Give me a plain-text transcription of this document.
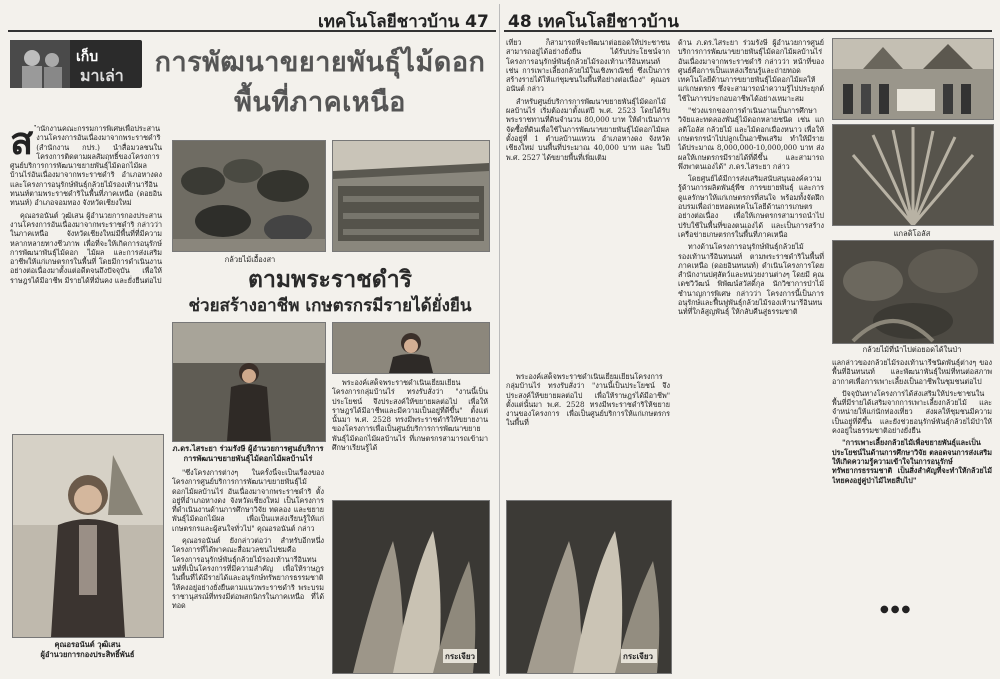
เทคโนโลยีชาวบ้าน 47 48 เทคโนโลยีชาวบ้าน
เก็บ
มาเล่า การพัฒนาขยายพันธุ์ไม้ดอก
พื้นที่ภาคเหนือ

สำนักงานคณะกรรมการพิเศษเพื่อประสานงานโครงการอันเนื่องมาจากพระราชดำริ (สำนักงาน กปร.) นำสื่อมวลชนในโครงการติดตามผลสัมฤทธิ์ของโครงการศูนย์บริการการพัฒนาขยายพันธุ์ไม้ดอกไม้ผลบ้านไร่อันเนื่องมาจากพระราชดำริ อำเภอหางดง และโครงการอนุรักษ์พันธุ์กล้วยไม้รองเท้านารีอินทนนท์ตามพระราชดำริในพื้นที่ภาคเหนือ (ดอยอินทนนท์) อำเภอจอมทอง จังหวัดเชียงใหม่

คุณอรอนันต์ วุฒิเสน ผู้อำนวยการกองประสานงานโครงการอันเนื่องมาจากพระราชดำริ กล่าวว่า ในภาคเหนือ จังหวัดเชียงใหม่มีพื้นที่ที่มีความหลากหลายทางชีวภาพ เพื่อที่จะให้เกิดการอนุรักษ์ การพัฒนาพันธุ์ไม้ดอก ไม้ผล และการส่งเสริมอาชีพให้แก่เกษตรกรในพื้นที่ โดยมีการดำเนินงานอย่างต่อเนื่องมาตั้งแต่อดีตจนถึงปัจจุบัน เพื่อให้ราษฎรได้มีอาชีพ มีรายได้ที่มั่นคง และยั่งยืนต่อไป

คุณอรอนันต์ วุฒิเสน
ผู้อำนวยการกองประสิทธิ์พันธ์
กล้วยไม้เอื้องสา
ตามพระราชดำริ
ช่วยสร้างอาชีพ เกษตรกรมีรายได้ยั่งยืน
ภ.ดร.ไสระยา ร่วมรังษี ผู้อำนวยการศูนย์บริการ
การพัฒนาขยายพันธุ์ไม้ดอกไม้ผลบ้านไร่

"ซึ่งโครงการต่างๆ ในครั้งนี้จะเป็นเรื่องของโครงการศูนย์บริการการพัฒนาขยายพันธุ์ไม้ดอกไม้ผลบ้านไร่ อันเนื่องมาจากพระราชดำริ ตั้งอยู่ที่อำเภอหางดง จังหวัดเชียงใหม่ เป็นโครงการที่ดำเนินงานด้านการศึกษาวิจัย ทดลอง และขยายพันธุ์ไม้ดอกไม้ผล เพื่อเป็นแหล่งเรียนรู้ให้แก่เกษตรกรและผู้สนใจทั่วไป" คุณอรอนันต์ กล่าว

คุณอรอนันต์ ยังกล่าวต่อว่า สำหรับอีกหนึ่งโครงการที่ได้พาคณะสื่อมวลชนไปชมคือ โครงการอนุรักษ์พันธุ์กล้วยไม้รองเท้านารีอินทนนท์ที่เป็นโครงการที่มีความสำคัญ เพื่อให้ราษฎรในพื้นที่ได้มีรายได้และอนุรักษ์ทรัพยากรธรรมชาติให้คงอยู่อย่างยั่งยืนตามแนวพระราชดำริ พระบรมราชานุสรณ์ที่ทรงมีต่อพสกนิกรในภาคเหนือ ที่ได้ทอด

พระองค์เสด็จพระราชดำเนินเยี่ยมเยียนโครงการกลุ่มบ้านไร่ ทรงรับสั่งว่า "งานนี้เป็นประโยชน์ จึงประสงค์ให้ขยายผลต่อไป เพื่อให้ราษฎรได้มีอาชีพและมีความเป็นอยู่ที่ดีขึ้น" ตั้งแต่นั้นมา พ.ศ. 2528 ทรงมีพระราชดำริให้ขยายงานของโครงการเพื่อเป็นศูนย์บริการการพัฒนาขยายพันธุ์ไม้ดอกไม้ผลบ้านไร่ ที่เกษตรกรสามารถเข้ามาศึกษาเรียนรู้ได้

กระเจียว

เที่ยว ก็สามารถที่จะพัฒนาต่อยอดให้ประชาชนสามารถอยู่ได้อย่างยั่งยืน ได้รับประโยชน์จากโครงการอนุรักษ์พันธุ์กล้วยไม้รองเท้านารีอินทนนท์ เช่น การเพาะเลี้ยงกล้วยไม้ในเชิงพาณิชย์ ซึ่งเป็นการสร้างรายได้ให้แก่ชุมชนในพื้นที่อย่างต่อเนื่อง" คุณอรอนันต์ กล่าว

สำหรับศูนย์บริการการพัฒนาขยายพันธุ์ไม้ดอกไม้ผลบ้านไร่ เริ่มต้องมาตั้งแต่ปี พ.ศ. 2523 โดยได้รับพระราชทานที่ดินจำนวน 80,000 บาท ให้ดำเนินการจัดซื้อที่ดินเพื่อใช้ในการพัฒนาขยายพันธุ์ไม้ดอกไม้ผล ตั้งอยู่ที่ 1 ตำบลบ้านแหวน อำเภอหางดง จังหวัดเชียงใหม่ บนพื้นที่ประมาณ 40,000 บาท และ ในปี พ.ศ. 2527 ได้ขยายพื้นที่เพิ่มเติม

พระองค์เสด็จพระราชดำเนินเยี่ยมเยียนโครงการกลุ่มบ้านไร่ ทรงรับสั่งว่า "งานนี้เป็นประโยชน์ จึงประสงค์ให้ขยายผลต่อไป เพื่อให้ราษฎรได้มีอาชีพ" ตั้งแต่นั้นมา พ.ศ. 2528 ทรงมีพระราชดำริให้ขยายงานของโครงการ เพื่อเป็นศูนย์บริการให้แก่เกษตรกรในพื้นที่

กระเจียว

ด้าน ภ.ดร.ไสระยา ร่วมรังษี ผู้อำนวยการศูนย์บริการการพัฒนาขยายพันธุ์ไม้ดอกไม้ผลบ้านไร่ อันเนื่องมาจากพระราชดำริ กล่าวว่า หน้าที่ของศูนย์คือการเป็นแหล่งเรียนรู้และถ่ายทอดเทคโนโลยีด้านการขยายพันธุ์ไม้ดอกไม้ผลให้แก่เกษตรกร ซึ่งจะสามารถนำความรู้ไปประยุกต์ใช้ในการประกอบอาชีพได้อย่างเหมาะสม

"ช่วงแรกของการดำเนินงานเป็นการศึกษาวิจัยและทดลองพันธุ์ไม้ดอกหลายชนิด เช่น แกลดิโอลัส กล้วยไม้ และไม้ดอกเมืองหนาว เพื่อให้เกษตรกรนำไปปลูกเป็นอาชีพเสริม ทำให้มีรายได้ประมาณ 8,000,000-10,000,000 บาท ส่งผลให้เกษตรกรมีรายได้ที่ดีขึ้น และสามารถพึ่งพาตนเองได้" ภ.ดร.ไสระยา กล่าว

โดยศูนย์ได้มีการส่งเสริมสนับสนุนองค์ความรู้ด้านการผลิตพันธุ์พืช การขยายพันธุ์ และการดูแลรักษาให้แก่เกษตรกรที่สนใจ พร้อมทั้งจัดฝึกอบรมเพื่อถ่ายทอดเทคโนโลยีด้านการเกษตรอย่างต่อเนื่อง เพื่อให้เกษตรกรสามารถนำไปปรับใช้ในพื้นที่ของตนเองได้ และเป็นการสร้างเครือข่ายเกษตรกรในพื้นที่ภาคเหนือ

ทางด้านโครงการอนุรักษ์พันธุ์กล้วยไม้รองเท้านารีอินทนนท์ ตามพระราชดำริในพื้นที่ภาคเหนือ (ดอยอินทนนท์) ดำเนินโครงการโดยสำนักงานปศุสัตว์และหน่วยงานต่างๆ โดยมี คุณเดชวิวัฒน์ พิพัฒน์สวัสดิ์กุล นักวิชาการป่าไม้ ชำนาญการพิเศษ กล่าวว่า โครงการนี้เป็นการอนุรักษ์และฟื้นฟูพันธุ์กล้วยไม้รองเท้านารีอินทนนท์ที่ใกล้สูญพันธุ์ ให้กลับคืนสู่ธรรมชาติ

แกลดิโอลัส
กล้วยไม้ที่นำไปต่อยอดได้ในป่า

แลกล่าวของกล้วยไม้รองเท้านารีชนิดพันธุ์ต่างๆ ของพื้นที่อินทนนท์ และพัฒนาพันธุ์ใหม่ที่ทนต่อสภาพอากาศเพื่อการเพาะเลี้ยงเป็นอาชีพในชุมชนต่อไป

ปัจจุบันทางโครงการได้ส่งเสริมให้ประชาชนในพื้นที่มีรายได้เสริมจากการเพาะเลี้ยงกล้วยไม้ และจำหน่ายให้แก่นักท่องเที่ยว ส่งผลให้ชุมชนมีความเป็นอยู่ที่ดีขึ้น และยังช่วยอนุรักษ์พันธุ์กล้วยไม้ป่าให้คงอยู่ในธรรมชาติอย่างยั่งยืน

"การเพาะเลี้ยงกล้วยไม้เพื่อขยายพันธุ์และเป็นประโยชน์ในด้านการศึกษาวิจัย ตลอดจนการส่งเสริมให้เกิดความรู้ความเข้าใจในการอนุรักษ์ทรัพยากรธรรมชาติ เป็นสิ่งสำคัญที่จะทำให้กล้วยไม้ไทยคงอยู่คู่ป่าไม้ไทยสืบไป"

●●●
